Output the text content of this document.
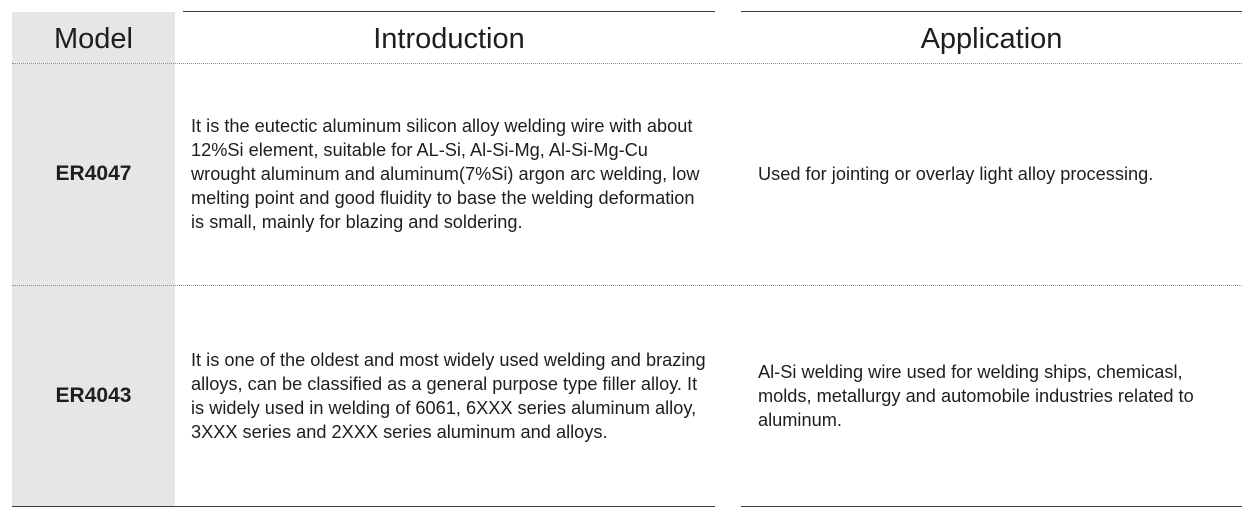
Model	Introduction	Application
ER4047
It is the eutectic aluminum silicon alloy welding wire with about 12%Si element, suitable for AL-Si, Al-Si-Mg, Al-Si-Mg-Cu wrought aluminum and aluminum(7%Si) argon arc welding, low melting point and good fluidity to base the welding deformation is small, mainly for blazing and soldering.
Used for jointing or overlay light alloy processing.
ER4043
It is one of the oldest and most widely used welding and brazing alloys, can be classified as a general purpose type filler alloy. It is widely used in welding of 6061, 6XXX series aluminum alloy, 3XXX series and 2XXX series aluminum and alloys.
Al-Si welding wire used for welding ships, chemicasl, molds, metallurgy and automobile industries related to aluminum.
